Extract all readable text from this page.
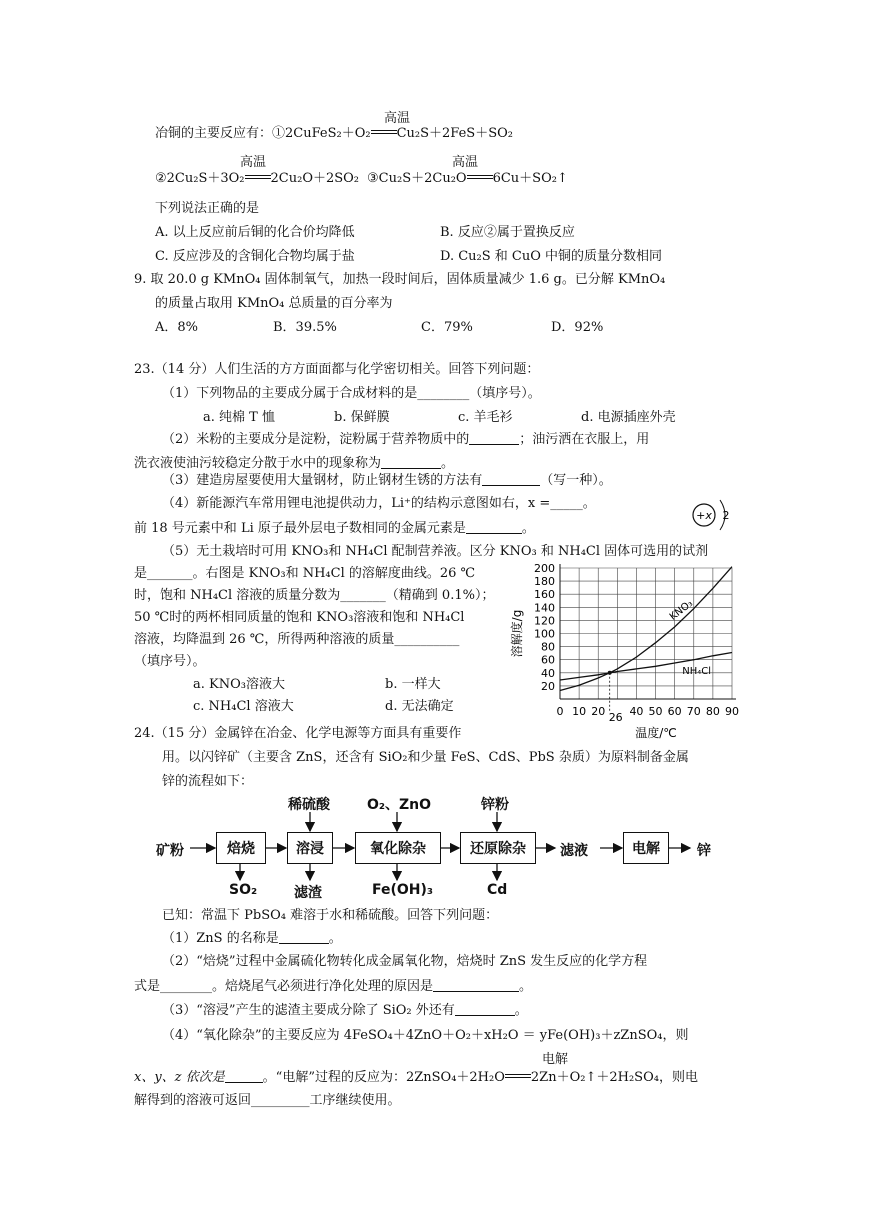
高温
冶铜的主要反应有：①2CuFeS₂＋O₂ Cu₂S＋2FeS＋SO₂
高温	高温
②2Cu₂S＋3O₂ 2Cu₂O＋2SO₂ ③Cu₂S＋2Cu₂O 6Cu＋SO₂↑
下列说法正确的是
A. 以上反应前后铜的化合价均降低	B. 反应②属于置换反应
C. 反应涉及的含铜化合物均属于盐	D. Cu₂S 和 CuO 中铜的质量分数相同
9. 取 20.0 g KMnO₄ 固体制氧气，加热一段时间后，固体质量减少 1.6 g。已分解 KMnO₄
的质量占取用 KMnO₄ 总质量的百分率为
A．8%	B．39.5%	C．79%	D．92%
23.（14 分）人们生活的方方面面都与化学密切相关。回答下列问题：
（1）下列物品的主要成分属于合成材料的是________（填序号）。
a. 纯棉 T 恤	b. 保鲜膜	c. 羊毛衫	d. 电源插座外壳
（2）米粉的主要成分是淀粉，淀粉属于营养物质中的	；油污洒在衣服上，用
洗衣液使油污较稳定分散于水中的现象称为	。
（3）建造房屋要使用大量钢材，防止钢材生锈的方法有	（写一种）。
（4）新能源汽车常用锂电池提供动力，Li⁺的结构示意图如右，x =_____。
前 18 号元素中和 Li 原子最外层电子数相同的金属元素是	。
+x 2
（5）无土栽培时可用 KNO₃和 NH₄Cl 配制营养液。区分 KNO₃ 和 NH₄Cl 固体可选用的试剂
是_______。右图是 KNO₃和 NH₄Cl 的溶解度曲线。26 ℃
时，饱和 NH₄Cl 溶液的质量分数为_______（精确到 0.1%）；
50 ℃时的两杯相同质量的饱和 KNO₃溶液和饱和 NH₄Cl
溶液，均降温到 26 ℃，所得两种溶液的质量__________
（填序号）。
a. KNO₃溶液大	b. 一样大
c. NH₄Cl 溶液大	d. 无法确定
20
40
60
80
100
120
140
160
180
200
0 10 20 40 50 60 70 80 90
26
温度/℃
溶解度/g	KNO₃
NH₄Cl
24.（15 分）金属锌在冶金、化学电源等方面具有重要作
用。以闪锌矿（主要含 ZnS，还含有 SiO₂和少量 FeS、CdS、PbS 杂质）为原料制备金属
锌的流程如下：
矿粉	焙烧	溶浸	氧化除杂	还原除杂	滤液	电解	锌
稀硫酸	O₂、ZnO	锌粉
SO₂	滤渣	Fe(OH)₃	Cd
已知：常温下 PbSO₄ 难溶于水和稀硫酸。回答下列问题：
（1）ZnS 的名称是	。
（2）“焙烧”过程中金属硫化物转化成金属氧化物，焙烧时 ZnS 发生反应的化学方程
式是________。焙烧尾气必须进行净化处理的原因是	。
（3）“溶浸”产生的滤渣主要成分除了 SiO₂ 外还有	。
（4）“氧化除杂”的主要反应为 4FeSO₄＋4ZnO＋O₂＋xH₂O ＝ yFe(OH)₃＋zZnSO₄，则
电解
x、y、z 依次是	。“电解”过程的反应为：2ZnSO₄＋2H₂O 2Zn＋O₂↑＋2H₂SO₄，则电
解得到的溶液可返回_________工序继续使用。
